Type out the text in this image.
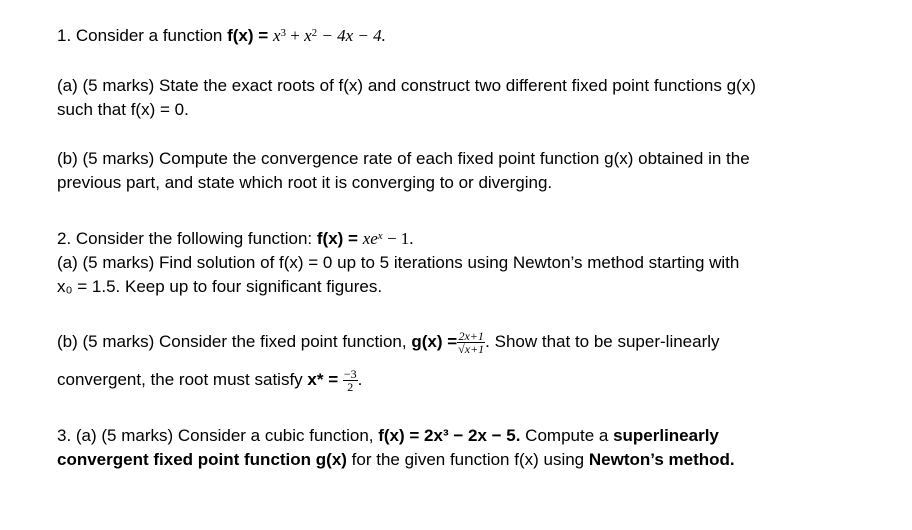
1. Consider a function $f(x) = x^3 + x^2 - 4x - 4$.
(a) (5 marks) State the exact roots of f(x) and construct two different fixed point functions g(x)
such that f(x) = 0.
(b) (5 marks) Compute the convergence rate of each fixed point function g(x) obtained in the
previous part, and state which root it is converging to or diverging.
2. Consider the following function: $f(x) = xe^x - 1$.
(a) (5 marks) Find solution of f(x) = 0 up to 5 iterations using Newton’s method starting with
x₀ = 1.5. Keep up to four significant figures.
(b) (5 marks) Consider the fixed point function, $g(x) = \frac{2x+1}{√x+1}$ . Show that to be super-linearly
convergent, the root must satisfy $x* = \frac{-3}{2}$ .
3. (a) (5 marks) Consider a cubic function, f(x) = 2x³ − 2x − 5. Compute a superlinearly
convergent fixed point function g(x) for the given function f(x) using Newton’s method.
